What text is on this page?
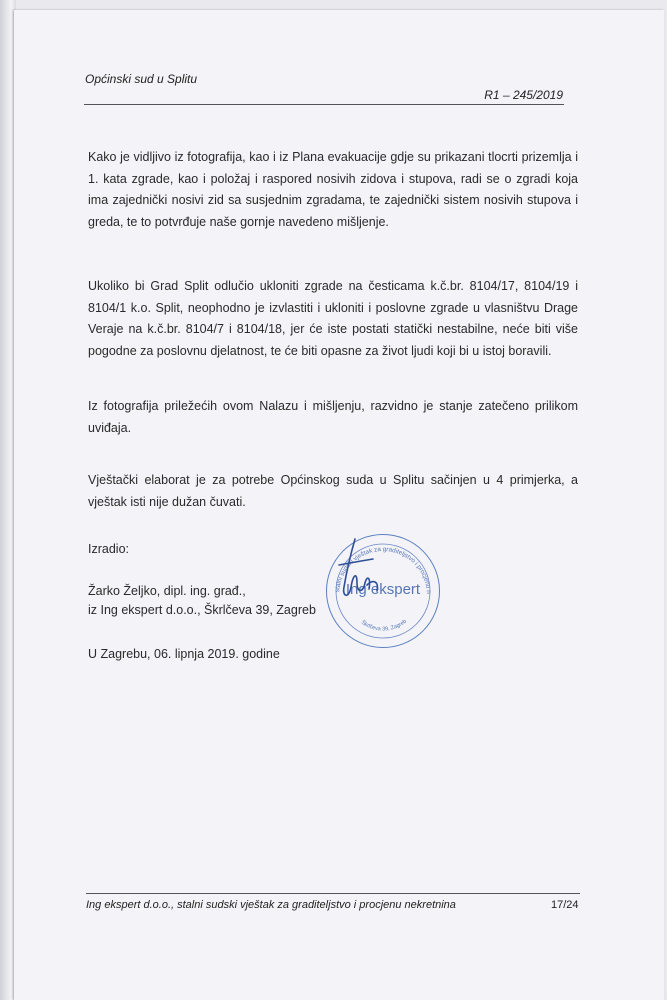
Općinski sud u Splitu
R1 – 245/2019
Kako je vidljivo iz fotografija, kao i iz Plana evakuacije gdje su prikazani tlocrti prizemlja i 1. kata zgrade, kao i položaj i raspored nosivih zidova i stupova, radi se o zgradi koja ima zajednički nosivi zid sa susjednim zgradama, te zajednički sistem nosivih stupova i greda, te to potvrđuje naše gornje navedeno mišljenje.
Ukoliko bi Grad Split odlučio ukloniti zgrade na česticama k.č.br. 8104/17, 8104/19 i 8104/1 k.o. Split, neophodno je izvlastiti i ukloniti i poslovne zgrade u vlasništvu Drage Veraje na k.č.br. 8104/7 i 8104/18, jer će iste postati statički nestabilne, neće biti više pogodne za poslovnu djelatnost, te će biti opasne za život ljudi koji bi u istoj boravili.
Iz fotografija priležećih ovom Nalazu i mišljenju, razvidno je stanje zatečeno prilikom uviđaja.
Vještački elaborat je za potrebe Općinskog suda u Splitu sačinjen u 4 primjerka, a vještak isti nije dužan čuvati.
Izradio:
Žarko Željko, dipl. ing. građ.,
iz Ing ekspert d.o.o., Škrlčeva 39, Zagreb
U Zagrebu, 06. lipnja 2019. godine
stalni sudski vještak za graditeljstvo i procjenu n
Škrlčeva 39, Zagreb
Ing ekspert
Ing ekspert d.o.o., stalni sudski vještak za graditeljstvo i procjenu nekretnina	17/24
